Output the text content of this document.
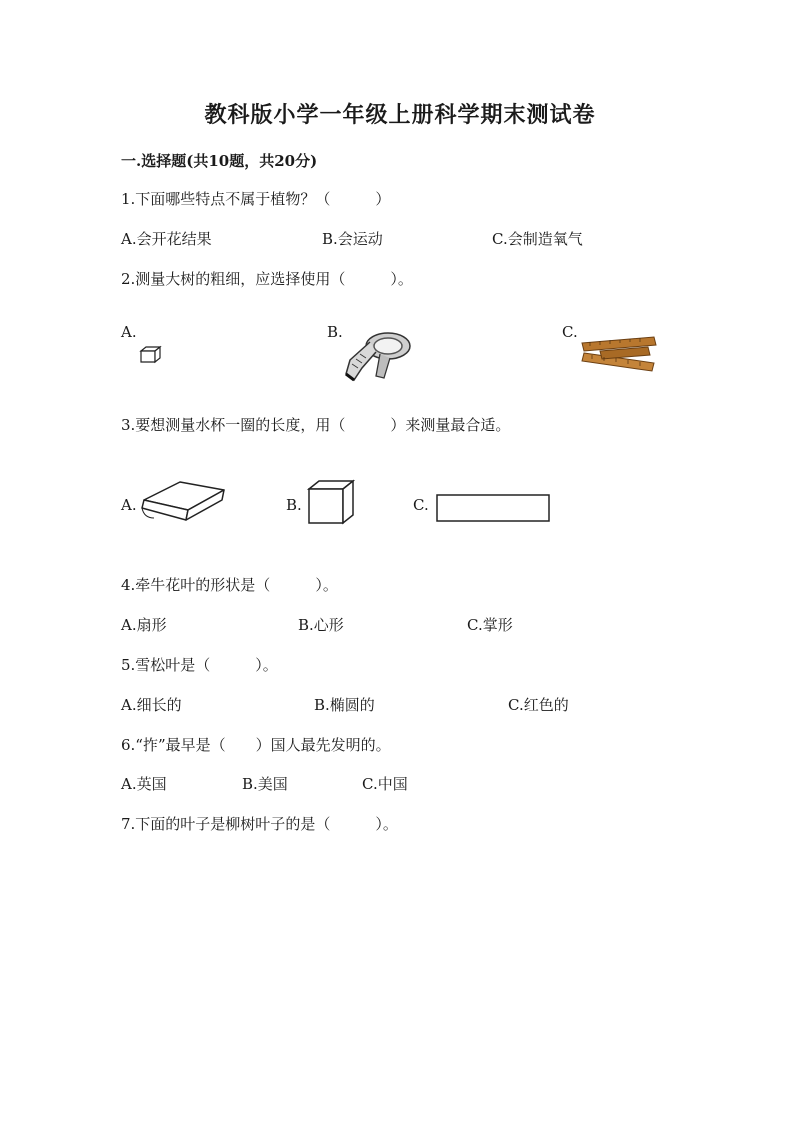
教科版小学一年级上册科学期末测试卷
一.选择题(共10题，共20分)
1.下面哪些特点不属于植物？（　　　）
A.会开花结果	B.会运动	C.会制造氧气
2.测量大树的粗细，应选择使用（　　　）。
A.	B.	C.
3.要想测量水杯一圈的长度，用（　　　）来测量最合适。
A.	B.	C.
4.牵牛花叶的形状是（　　　）。
A.扇形	B.心形	C.掌形
5.雪松叶是（　　　）。
A.细长的	B.椭圆的	C.红色的
6.“拃”最早是（　　）国人最先发明的。
A.英国	B.美国	C.中国
7.下面的叶子是柳树叶子的是（　　　）。
